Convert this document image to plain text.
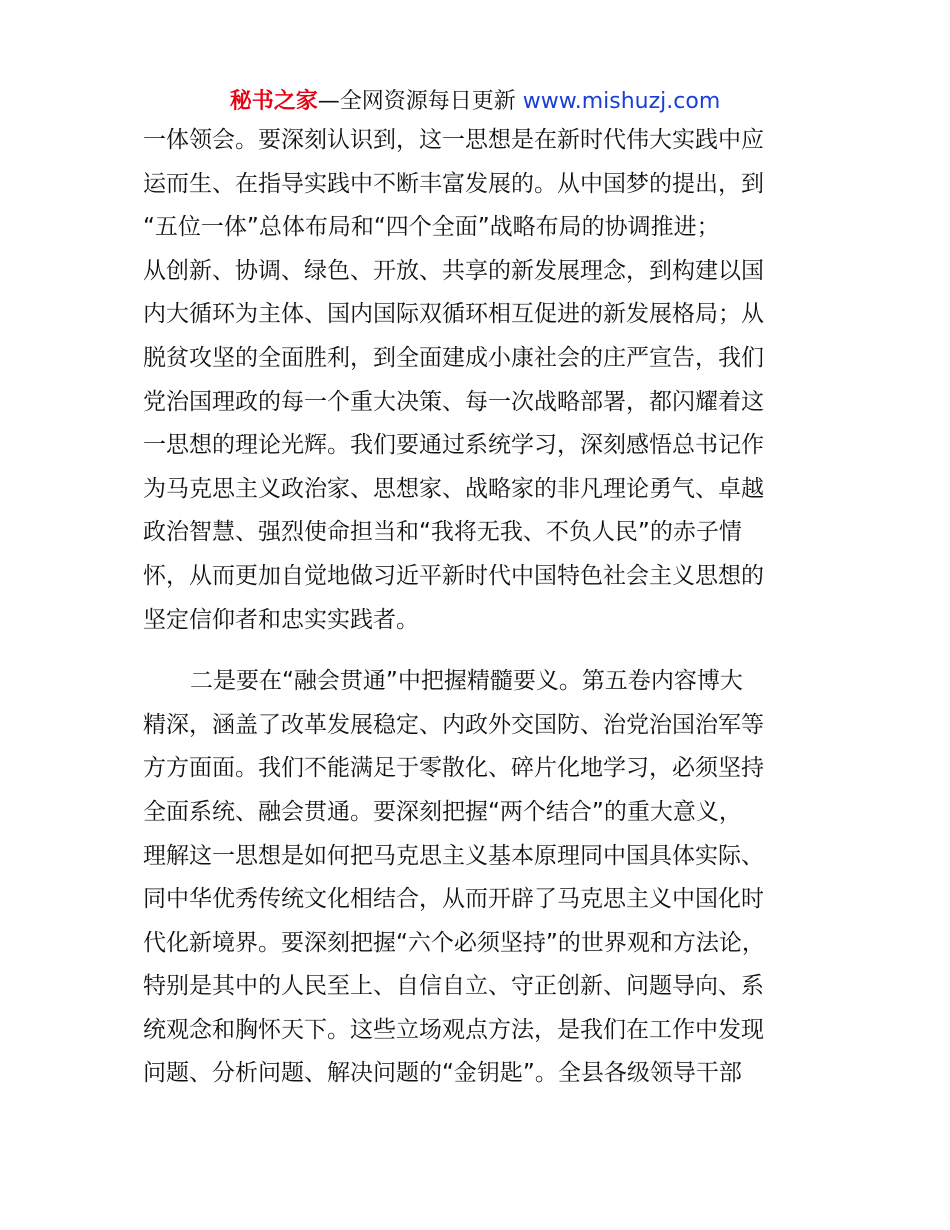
秘书之家—全网资源每日更新 www.mishuzj.com
一体领会。要深刻认识到，这一思想是在新时代伟大实践中应
运而生、在指导实践中不断丰富发展的。从中国梦的提出，到
“五位一体”总体布局和“四个全面”战略布局的协调推进；
从创新、协调、绿色、开放、共享的新发展理念，到构建以国
内大循环为主体、国内国际双循环相互促进的新发展格局；从
脱贫攻坚的全面胜利，到全面建成小康社会的庄严宣告，我们
党治国理政的每一个重大决策、每一次战略部署，都闪耀着这
一思想的理论光辉。我们要通过系统学习，深刻感悟总书记作
为马克思主义政治家、思想家、战略家的非凡理论勇气、卓越
政治智慧、强烈使命担当和“我将无我、不负人民”的赤子情
怀，从而更加自觉地做习近平新时代中国特色社会主义思想的
坚定信仰者和忠实实践者。
二是要在“融会贯通”中把握精髓要义。第五卷内容博大
精深，涵盖了改革发展稳定、内政外交国防、治党治国治军等
方方面面。我们不能满足于零散化、碎片化地学习，必须坚持
全面系统、融会贯通。要深刻把握“两个结合”的重大意义，
理解这一思想是如何把马克思主义基本原理同中国具体实际、
同中华优秀传统文化相结合，从而开辟了马克思主义中国化时
代化新境界。要深刻把握“六个必须坚持”的世界观和方法论，
特别是其中的人民至上、自信自立、守正创新、问题导向、系
统观念和胸怀天下。这些立场观点方法，是我们在工作中发现
问题、分析问题、解决问题的“金钥匙”。全县各级领导干部
